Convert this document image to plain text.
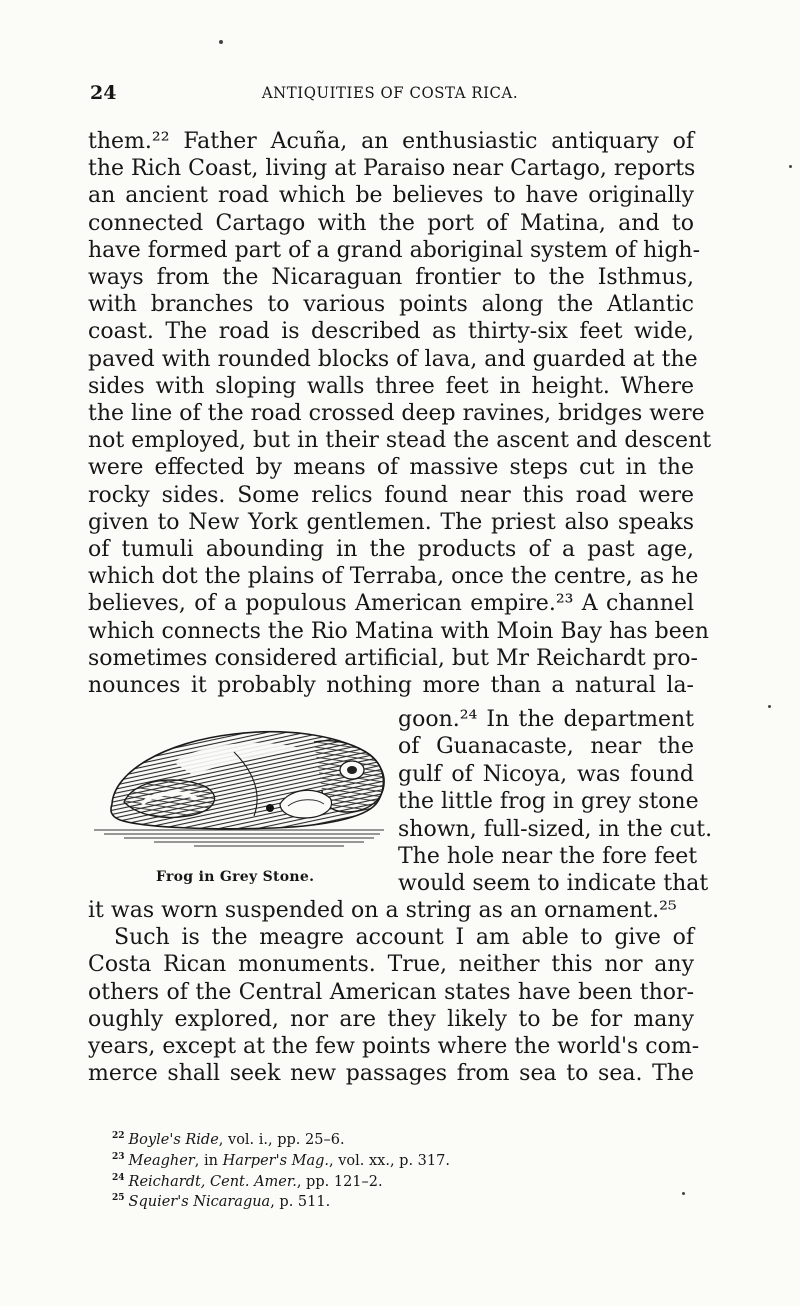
24	ANTIQUITIES OF COSTA RICA.
them.²² Father Acuña, an enthusiastic antiquary of
the Rich Coast, living at Paraiso near Cartago, reports
an ancient road which be believes to have originally
connected Cartago with the port of Matina, and to
have formed part of a grand aboriginal system of high-
ways from the Nicaraguan frontier to the Isthmus,
with branches to various points along the Atlantic
coast. The road is described as thirty-six feet wide,
paved with rounded blocks of lava, and guarded at the
sides with sloping walls three feet in height. Where
the line of the road crossed deep ravines, bridges were
not employed, but in their stead the ascent and descent
were effected by means of massive steps cut in the
rocky sides. Some relics found near this road were
given to New York gentlemen. The priest also speaks
of tumuli abounding in the products of a past age,
which dot the plains of Terraba, once the centre, as he
believes, of a populous American empire.²³ A channel
which connects the Rio Matina with Moin Bay has been
sometimes considered artificial, but Mr Reichardt pro-
nounces it probably nothing more than a natural la-
Frog in Grey Stone.
goon.²⁴ In the department
of Guanacaste, near the
gulf of Nicoya, was found
the little frog in grey stone
shown, full-sized, in the cut.
The hole near the fore feet
would seem to indicate that
it was worn suspended on a string as an ornament.²⁵
Such is the meagre account I am able to give of
Costa Rican monuments. True, neither this nor any
others of the Central American states have been thor-
oughly explored, nor are they likely to be for many
years, except at the few points where the world's com-
merce shall seek new passages from sea to sea. The
$^{22}$ Boyle's Ride, vol. i., pp. 25–6.
$^{23}$ Meagher, in Harper's Mag., vol. xx., p. 317.
$^{24}$ Reichardt, Cent. Amer., pp. 121–2.
$^{25}$ Squier's Nicaragua, p. 511.
